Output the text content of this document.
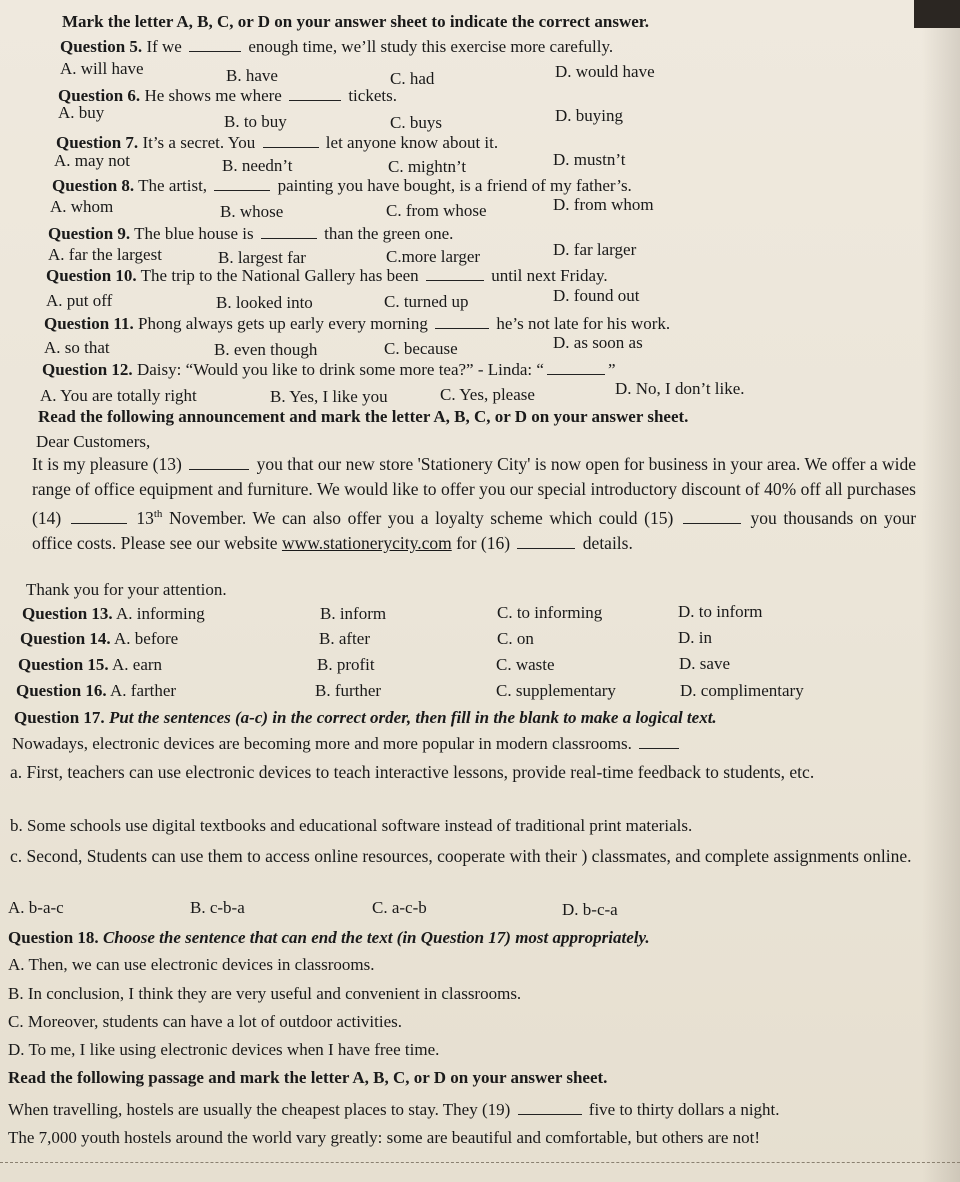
Mark the letter A, B, C, or D on your answer sheet to indicate the correct answer.
Question 5. If we	enough time, we’ll study this exercise more carefully.
A. will have	B. have	C. had	D. would have
Question 6. He shows me where	tickets.
A. buy	B. to buy	C. buys	D. buying
Question 7. It’s a secret. You	let anyone know about it.
A. may not	B. needn’t	C. mightn’t	D. mustn’t
Question 8. The artist,	painting you have bought, is a friend of my father’s.
A. whom	B. whose	C. from whose	D. from whom
Question 9. The blue house is	than the green one.
A. far the largest	B. largest far	C.more larger	D. far larger
Question 10. The trip to the National Gallery has been	until next Friday.
A. put off	B. looked into	C. turned up	D. found out
Question 11. Phong always gets up early every morning	he’s not late for his work.
A. so that	B. even though	C. because	D. as soon as
Question 12. Daisy: “Would you like to drink some more tea?” - Linda: “	”
A. You are totally right	B. Yes, I like you	C. Yes, please	D. No, I don’t like.
Read the following announcement and mark the letter A, B, C, or D on your answer sheet.
Dear Customers,
It is my pleasure (13)	you that our new store 'Stationery City' is now open for business in your area. We offer a wide range of office equipment and furniture. We would like to offer you our special introductory discount of 40% off all purchases (14)	13th November. We can also offer you a loyalty scheme which could (15)	you thousands on your office costs. Please see our website www.stationerycity.com for (16)	details.
Thank you for your attention.
Question 13. A. informing	B. inform	C. to informing	D. to inform
Question 14. A. before	B. after	C. on	D. in
Question 15. A. earn	B. profit	C. waste	D. save
Question 16. A. farther	B. further	C. supplementary	D. complimentary
Question 17. Put the sentences (a-c) in the correct order, then fill in the blank to make a logical text.
Nowadays, electronic devices are becoming more and more popular in modern classrooms.
a. First, teachers can use electronic devices to teach interactive lessons, provide real-time feedback to students, etc.
b. Some schools use digital textbooks and educational software instead of traditional print materials.
c. Second, Students can use them to access online resources, cooperate with their ) classmates, and complete assignments online.
A. b-a-c	B. c-b-a	C. a-c-b	D. b-c-a
Question 18. Choose the sentence that can end the text (in Question 17) most appropriately.
A. Then, we can use electronic devices in classrooms.
B. In conclusion, I think they are very useful and convenient in classrooms.
C. Moreover, students can have a lot of outdoor activities.
D. To me, I like using electronic devices when I have free time.
Read the following passage and mark the letter A, B, C, or D on your answer sheet.
When travelling, hostels are usually the cheapest places to stay. They (19)	five to thirty dollars a night.
The 7,000 youth hostels around the world vary greatly: some are beautiful and comfortable, but others are not!
